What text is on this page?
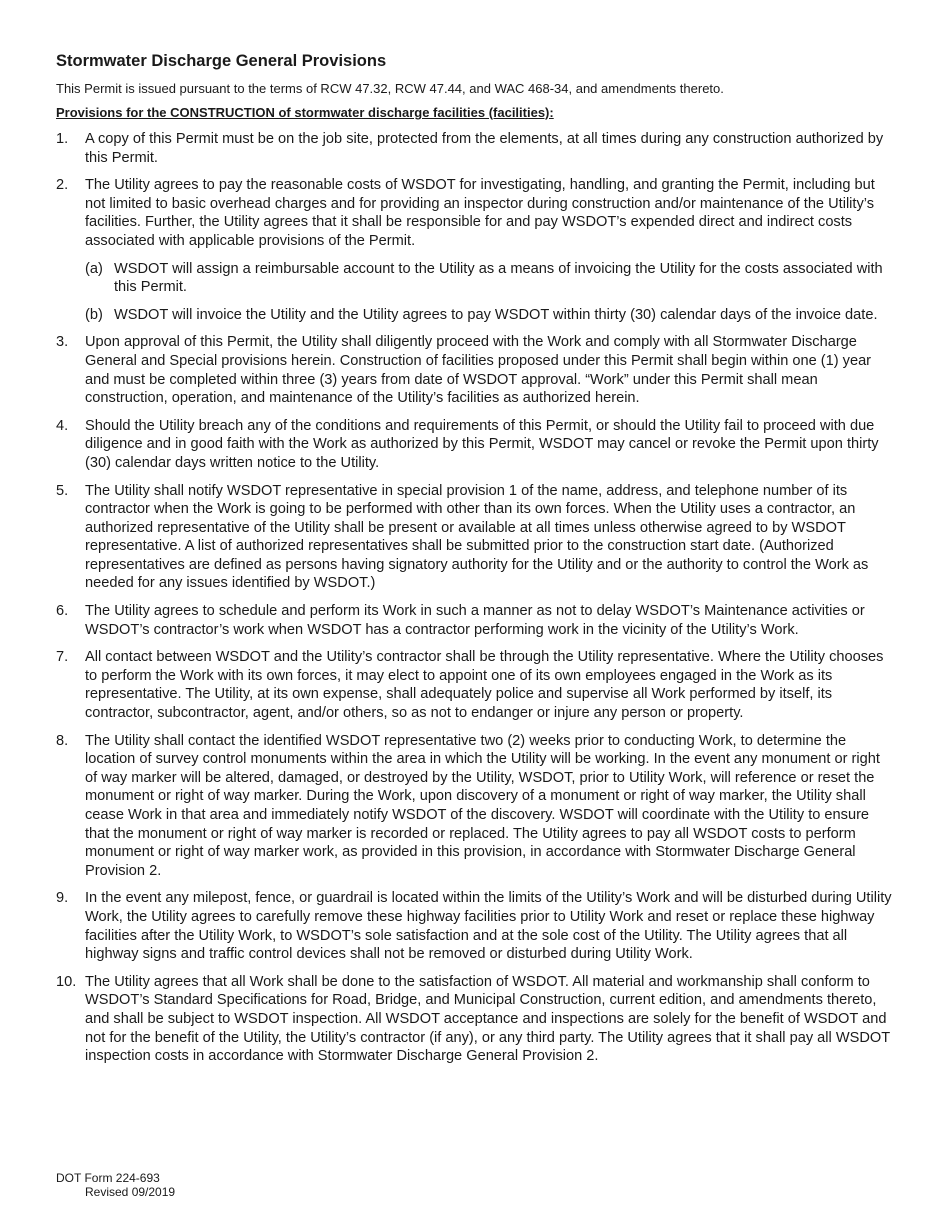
Stormwater Discharge General Provisions

This Permit is issued pursuant to the terms of RCW 47.32, RCW 47.44, and WAC 468-34, and amendments thereto.

Provisions for the CONSTRUCTION of stormwater discharge facilities (facilities):

1. A copy of this Permit must be on the job site, protected from the elements, at all times during any construction authorized by this Permit.
2. The Utility agrees to pay the reasonable costs of WSDOT for investigating, handling, and granting the Permit, including but not limited to basic overhead charges and for providing an inspector during construction and/or maintenance of the Utility’s facilities. Further, the Utility agrees that it shall be responsible for and pay WSDOT’s expended direct and indirect costs associated with applicable provisions of the Permit.
(a) WSDOT will assign a reimbursable account to the Utility as a means of invoicing the Utility for the costs associated with this Permit.
(b) WSDOT will invoice the Utility and the Utility agrees to pay WSDOT within thirty (30) calendar days of the invoice date.
3. Upon approval of this Permit, the Utility shall diligently proceed with the Work and comply with all Stormwater Discharge General and Special provisions herein. Construction of facilities proposed under this Permit shall begin within one (1) year and must be completed within three (3) years from date of WSDOT approval. “Work” under this Permit shall mean construction, operation, and maintenance of the Utility’s facilities as authorized herein.
4. Should the Utility breach any of the conditions and requirements of this Permit, or should the Utility fail to proceed with due diligence and in good faith with the Work as authorized by this Permit, WSDOT may cancel or revoke the Permit upon thirty (30) calendar days written notice to the Utility.
5. The Utility shall notify WSDOT representative in special provision 1 of the name, address, and telephone number of its contractor when the Work is going to be performed with other than its own forces. When the Utility uses a contractor, an authorized representative of the Utility shall be present or available at all times unless otherwise agreed to by WSDOT representative. A list of authorized representatives shall be submitted prior to the construction start date. (Authorized representatives are defined as persons having signatory authority for the Utility and or the authority to control the Work as needed for any issues identified by WSDOT.)
6. The Utility agrees to schedule and perform its Work in such a manner as not to delay WSDOT’s Maintenance activities or WSDOT’s contractor’s work when WSDOT has a contractor performing work in the vicinity of the Utility’s Work.
7. All contact between WSDOT and the Utility’s contractor shall be through the Utility representative. Where the Utility chooses to perform the Work with its own forces, it may elect to appoint one of its own employees engaged in the Work as its representative. The Utility, at its own expense, shall adequately police and supervise all Work performed by itself, its contractor, subcontractor, agent, and/or others, so as not to endanger or injure any person or property.
8. The Utility shall contact the identified WSDOT representative two (2) weeks prior to conducting Work, to determine the location of survey control monuments within the area in which the Utility will be working. In the event any monument or right of way marker will be altered, damaged, or destroyed by the Utility, WSDOT, prior to Utility Work, will reference or reset the monument or right of way marker. During the Work, upon discovery of a monument or right of way marker, the Utility shall cease Work in that area and immediately notify WSDOT of the discovery. WSDOT will coordinate with the Utility to ensure that the monument or right of way marker is recorded or replaced. The Utility agrees to pay all WSDOT costs to perform monument or right of way marker work, as provided in this provision, in accordance with Stormwater Discharge General Provision 2.
9. In the event any milepost, fence, or guardrail is located within the limits of the Utility’s Work and will be disturbed during Utility Work, the Utility agrees to carefully remove these highway facilities prior to Utility Work and reset or replace these highway facilities after the Utility Work, to WSDOT’s sole satisfaction and at the sole cost of the Utility. The Utility agrees that all highway signs and traffic control devices shall not be removed or disturbed during Utility Work.
10. The Utility agrees that all Work shall be done to the satisfaction of WSDOT. All material and workmanship shall conform to WSDOT’s Standard Specifications for Road, Bridge, and Municipal Construction, current edition, and amendments thereto, and shall be subject to WSDOT inspection. All WSDOT acceptance and inspections are solely for the benefit of WSDOT and not for the benefit of the Utility, the Utility’s contractor (if any), or any third party. The Utility agrees that it shall pay all WSDOT inspection costs in accordance with Stormwater Discharge General Provision 2.
DOT Form 224-693
Revised 09/2019
